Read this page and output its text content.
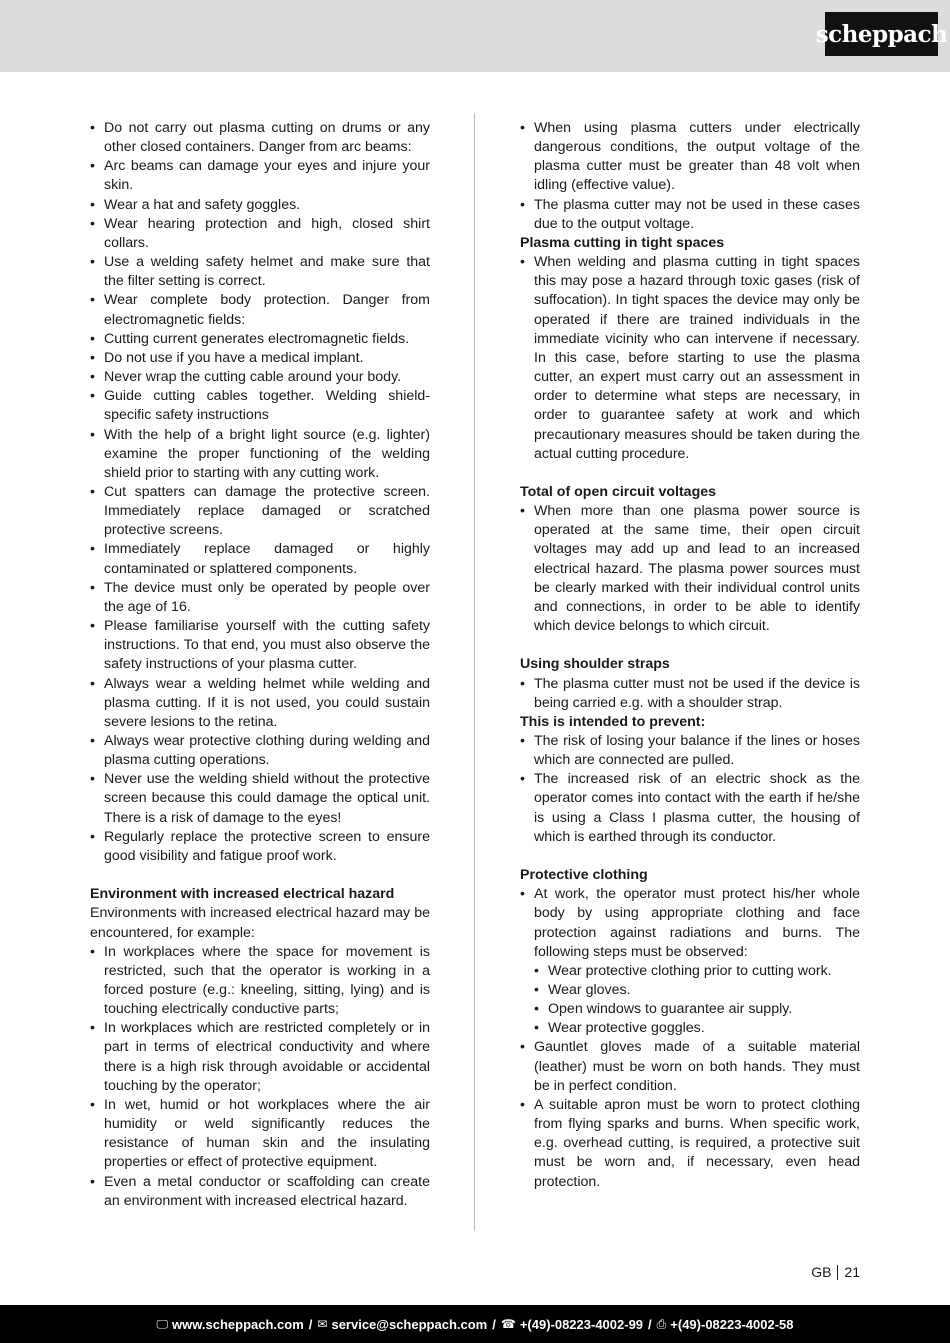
scheppach
• Do not carry out plasma cutting on drums or any other closed containers. Danger from arc beams:
• Arc beams can damage your eyes and injure your skin.
• Wear a hat and safety goggles.
• Wear hearing protection and high, closed shirt collars.
• Use a welding safety helmet and make sure that the filter setting is correct.
• Wear complete body protection. Danger from electromagnetic fields:
• Cutting current generates electromagnetic fields.
• Do not use if you have a medical implant.
• Never wrap the cutting cable around your body.
• Guide cutting cables together. Welding shield-specific safety instructions
• With the help of a bright light source (e.g. lighter) examine the proper functioning of the welding shield prior to starting with any cutting work.
• Cut spatters can damage the protective screen. Immediately replace damaged or scratched protective screens.
• Immediately replace damaged or highly contaminated or splattered components.
• The device must only be operated by people over the age of 16.
• Please familiarise yourself with the cutting safety instructions. To that end, you must also observe the safety instructions of your plasma cutter.
• Always wear a welding helmet while welding and plasma cutting. If it is not used, you could sustain severe lesions to the retina.
• Always wear protective clothing during welding and plasma cutting operations.
• Never use the welding shield without the protective screen because this could damage the optical unit. There is a risk of damage to the eyes!
• Regularly replace the protective screen to ensure good visibility and fatigue proof work.
Environment with increased electrical hazard
Environments with increased electrical hazard may be encountered, for example:
• In workplaces where the space for movement is restricted, such that the operator is working in a forced posture (e.g.: kneeling, sitting, lying) and is touching electrically conductive parts;
• In workplaces which are restricted completely or in part in terms of electrical conductivity and where there is a high risk through avoidable or accidental touching by the operator;
• In wet, humid or hot workplaces where the air humidity or weld significantly reduces the resistance of human skin and the insulating properties or effect of protective equipment.
• Even a metal conductor or scaffolding can create an environment with increased electrical hazard.
• When using plasma cutters under electrically dangerous conditions, the output voltage of the plasma cutter must be greater than 48 volt when idling (effective value).
• The plasma cutter may not be used in these cases due to the output voltage.
Plasma cutting in tight spaces
• When welding and plasma cutting in tight spaces this may pose a hazard through toxic gases (risk of suffocation). In tight spaces the device may only be operated if there are trained individuals in the immediate vicinity who can intervene if necessary. In this case, before starting to use the plasma cutter, an expert must carry out an assessment in order to determine what steps are necessary, in order to guarantee safety at work and which precautionary measures should be taken during the actual cutting procedure.
Total of open circuit voltages
• When more than one plasma power source is operated at the same time, their open circuit voltages may add up and lead to an increased electrical hazard. The plasma power sources must be clearly marked with their individual control units and connections, in order to be able to identify which device belongs to which circuit.
Using shoulder straps
• The plasma cutter must not be used if the device is being carried e.g. with a shoulder strap.
This is intended to prevent:
• The risk of losing your balance if the lines or hoses which are connected are pulled.
• The increased risk of an electric shock as the operator comes into contact with the earth if he/she is using a Class I plasma cutter, the housing of which is earthed through its conductor.
Protective clothing
• At work, the operator must protect his/her whole body by using appropriate clothing and face protection against radiations and burns. The following steps must be observed:
• Wear protective clothing prior to cutting work.
• Wear gloves.
• Open windows to guarantee air supply.
• Wear protective goggles.
• Gauntlet gloves made of a suitable material (leather) must be worn on both hands. They must be in perfect condition.
• A suitable apron must be worn to protect clothing from flying sparks and burns. When specific work, e.g. overhead cutting, is required, a protective suit must be worn and, if necessary, even head protection.
GB 21
🖵 www.scheppach.com / ✉ service@scheppach.com / ☎ +(49)-08223-4002-99 / ⎙ +(49)-08223-4002-58
